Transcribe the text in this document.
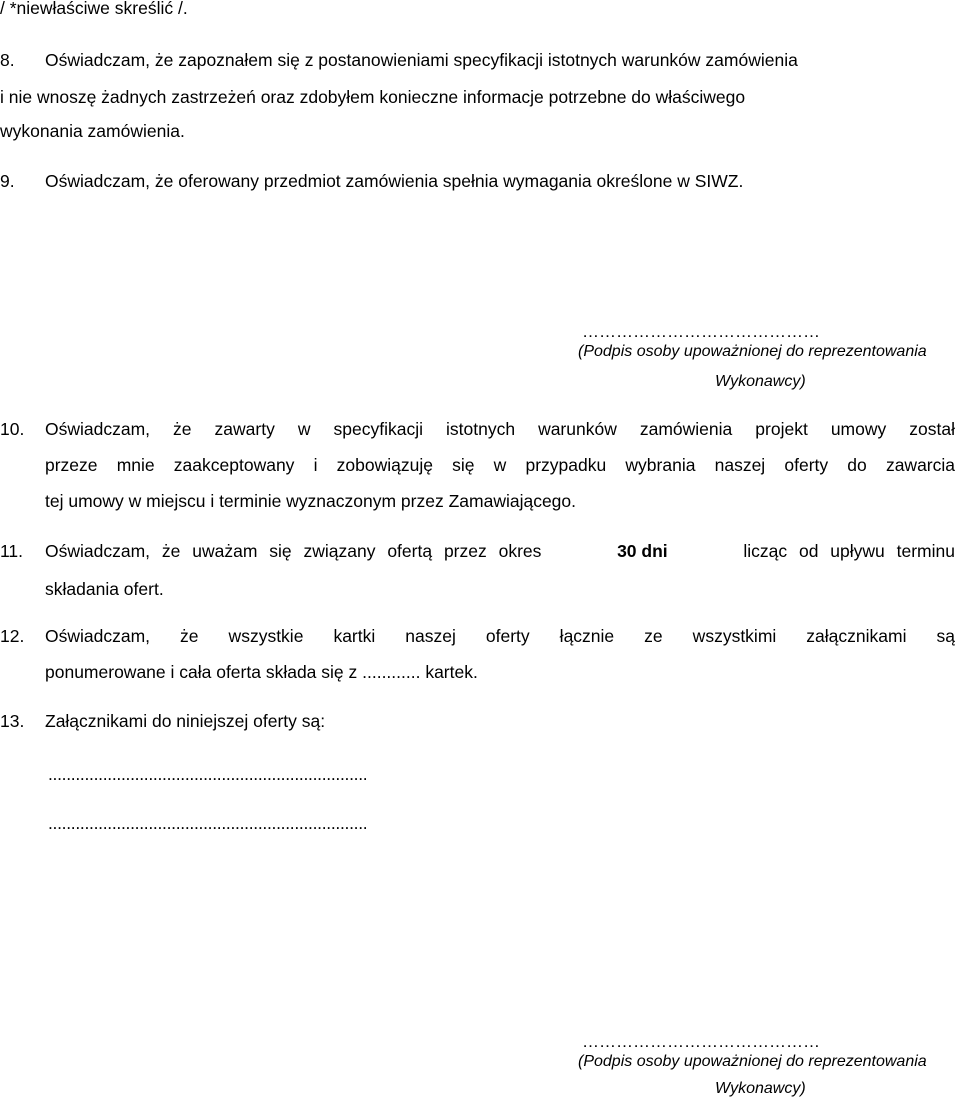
/ *niewłaściwe skreślić /.
8. Oświadczam, że zapoznałem się z postanowieniami specyfikacji istotnych warunków zamówienia
i nie wnoszę żadnych zastrzeżeń oraz zdobyłem konieczne informacje potrzebne do właściwego
wykonania zamówienia.
9. Oświadczam, że oferowany przedmiot zamówienia spełnia wymagania określone w SIWZ.
……………………………………
(Podpis osoby upoważnionej do reprezentowania
Wykonawcy)
10. Oświadczam, że zawarty w specyfikacji istotnych warunków zamówienia projekt umowy został
przeze mnie zaakceptowany i zobowiązuję się w przypadku wybrania naszej oferty do zawarcia
tej umowy w miejscu i terminie wyznaczonym przez Zamawiającego.
11. Oświadczam, że uważam się związany ofertą przez okres	30 dni	licząc od upływu terminu
składania ofert.
12. Oświadczam, że wszystkie kartki naszej oferty łącznie ze wszystkimi załącznikami są
ponumerowane i cała oferta składa się z ............ kartek.
13. Załącznikami do niniejszej oferty są:
......................................................................
......................................................................
……………………………………
(Podpis osoby upoważnionej do reprezentowania
Wykonawcy)
